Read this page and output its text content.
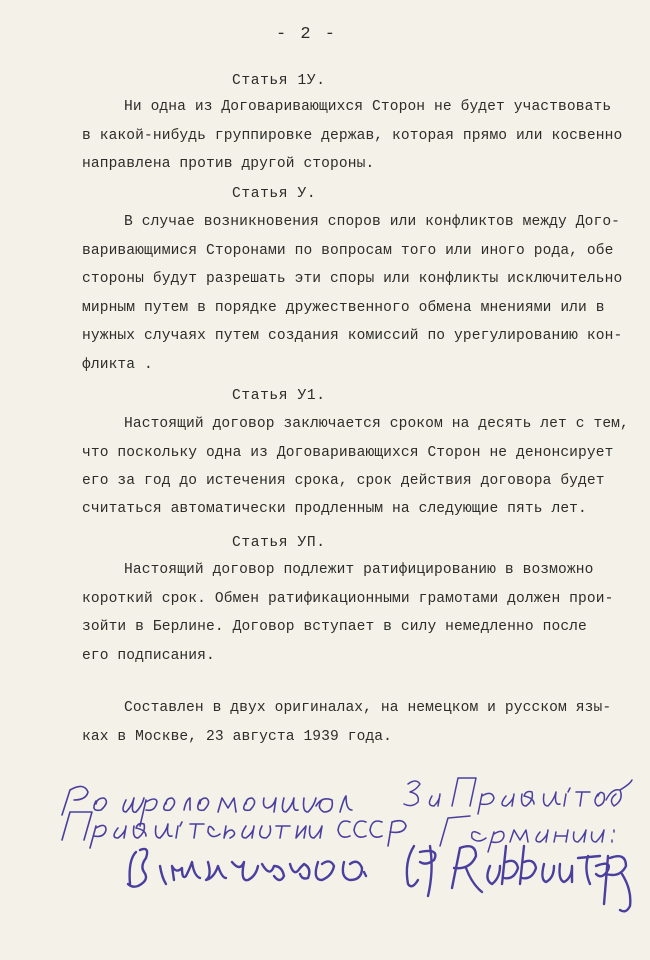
- 2 -
Статья 1У.
Ни одна из Договаривающихся Сторон не будет участвовать
в какой-нибудь группировке держав, которая прямо или косвенно
направлена против другой стороны.
Статья У.
В случае возникновения споров или конфликтов между Дого-
варивающимися Сторонами по вопросам того или иного рода, обе
стороны будут разрешать эти споры или конфликты исключительно
мирным путем в порядке дружественного обмена мнениями или в
нужных случаях путем создания комиссий по урегулированию кон-
фликта .
Статья У1.
Настоящий договор заключается сроком на десять лет с тем,
что поскольку одна из Договаривающихся Сторон не денонсирует
его за год до истечения срока, срок действия договора будет
считаться автоматически продленным на следующие пять лет.
Статья УП.
Настоящий договор подлежит ратифицированию в возможно
короткий срок. Обмен ратификационными грамотами должен прои-
зойти в Берлине. Договор вступает в силу немедленно после
его подписания.
Составлен в двух оригиналах, на немецком и русском язы-
ках в Москве, 23 августа 1939 года.
